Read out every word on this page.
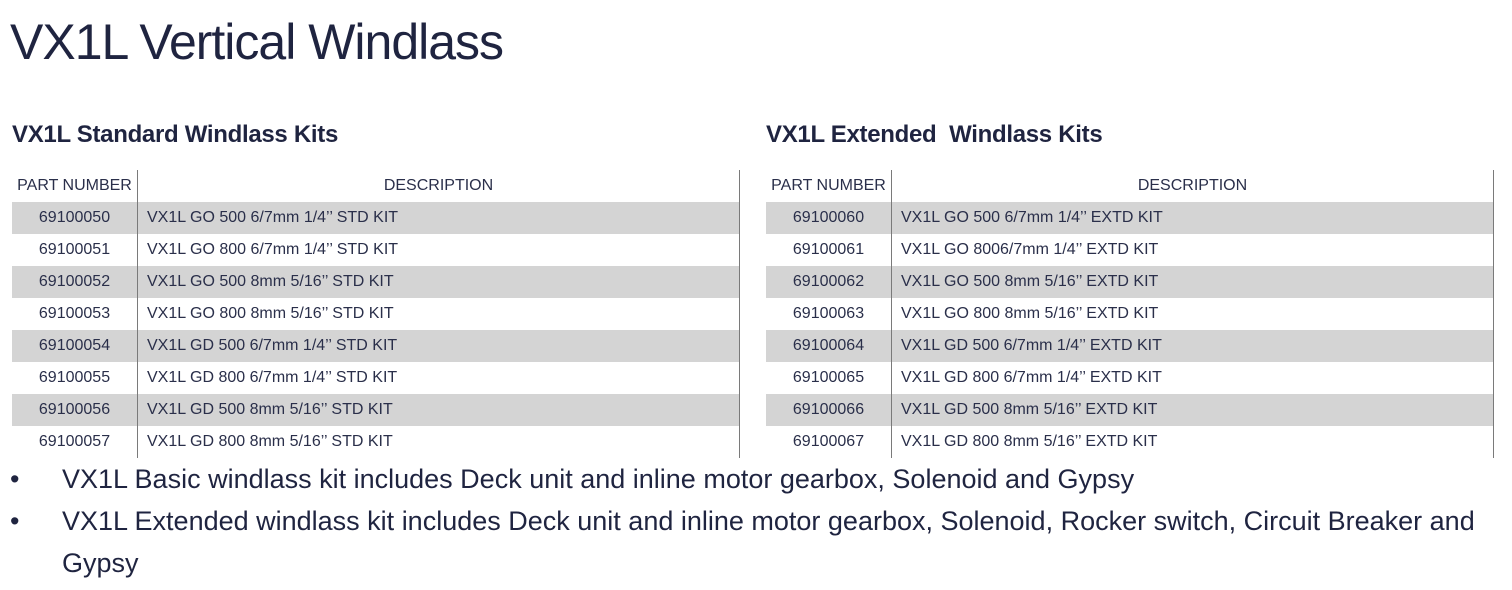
VX1L Vertical Windlass
VX1L Standard Windlass Kits
PART NUMBER	DESCRIPTION
69100050	VX1L GO 500 6/7mm 1/4’’ STD KIT
69100051	VX1L GO 800 6/7mm 1/4’’ STD KIT
69100052	VX1L GO 500 8mm 5/16’’ STD KIT
69100053	VX1L GO 800 8mm 5/16’’ STD KIT
69100054	VX1L GD 500 6/7mm 1/4’’ STD KIT
69100055	VX1L GD 800 6/7mm 1/4’’ STD KIT
69100056	VX1L GD 500 8mm 5/16’’ STD KIT
69100057	VX1L GD 800 8mm 5/16’’ STD KIT
VX1L Extended  Windlass Kits
PART NUMBER	DESCRIPTION
69100060	VX1L GO 500 6/7mm 1/4’’ EXTD KIT
69100061	VX1L GO 8006/7mm 1/4’’ EXTD KIT
69100062	VX1L GO 500 8mm 5/16’’ EXTD KIT
69100063	VX1L GO 800 8mm 5/16’’ EXTD KIT
69100064	VX1L GD 500 6/7mm 1/4’’ EXTD KIT
69100065	VX1L GD 800 6/7mm 1/4’’ EXTD KIT
69100066	VX1L GD 500 8mm 5/16’’ EXTD KIT
69100067	VX1L GD 800 8mm 5/16’’ EXTD KIT
•	VX1L Basic windlass kit includes Deck unit and inline motor gearbox, Solenoid and Gypsy
•	VX1L Extended windlass kit includes Deck unit and inline motor gearbox, Solenoid, Rocker switch, Circuit Breaker and Gypsy
